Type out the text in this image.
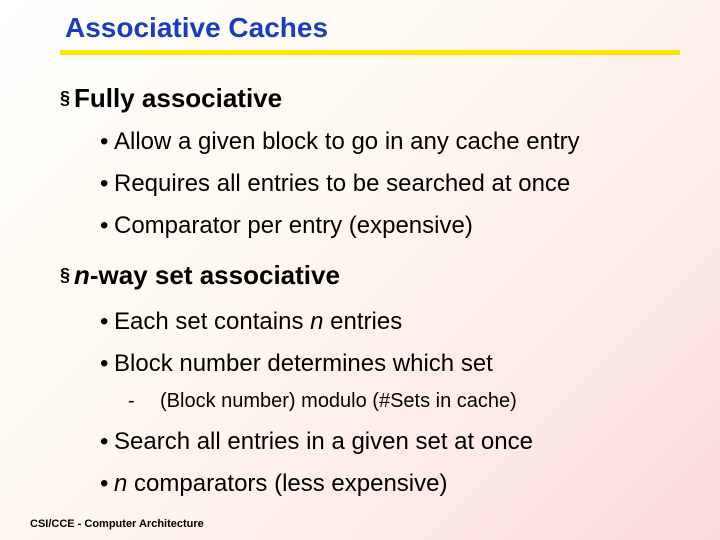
Associative Caches
§ Fully associative
• Allow a given block to go in any cache entry
• Requires all entries to be searched at once
• Comparator per entry (expensive)
§ n-way set associative
• Each set contains n entries
• Block number determines which set
- (Block number) modulo (#Sets in cache)
• Search all entries in a given set at once
• n comparators (less expensive)
CSI/CCE - Computer Architecture
